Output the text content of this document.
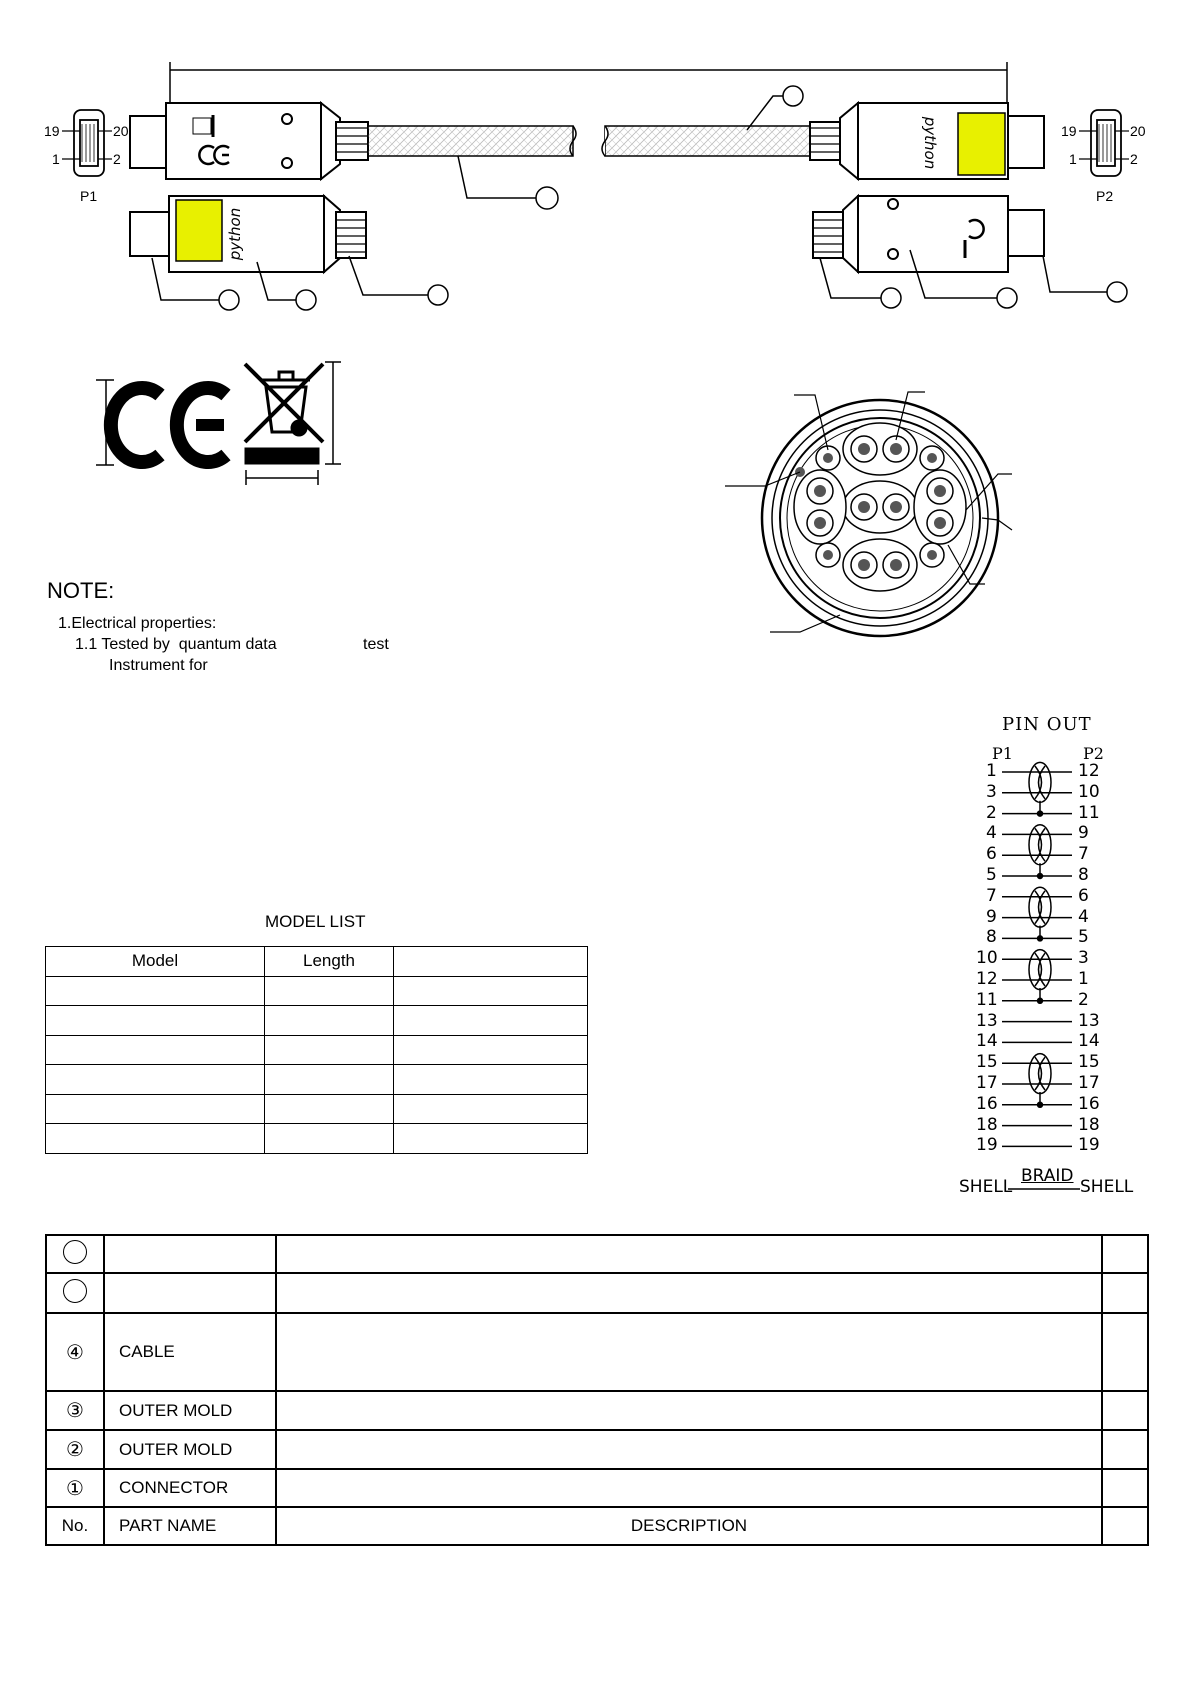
python
python
19	20
1	2
P1
19	20
1	2
P2
NOTE:
1.Electrical properties:
1.1 Tested by  quantum data	test
Instrument for
MODEL LIST
Model	Length	

PIN OUT
P1	P2
1	12
3	10
2	11
4	9
6	7
5	8
7	6
9	4
8	5
10	3
12	1
11	2
13	13
14	14
15	15
17	17
16	16
18	18
19	19
SHELL
BRAID
SHELL

④	CABLE		
③	OUTER MOLD		
②	OUTER MOLD		
①	CONNECTOR		
No.	PART NAME	DESCRIPTION	
